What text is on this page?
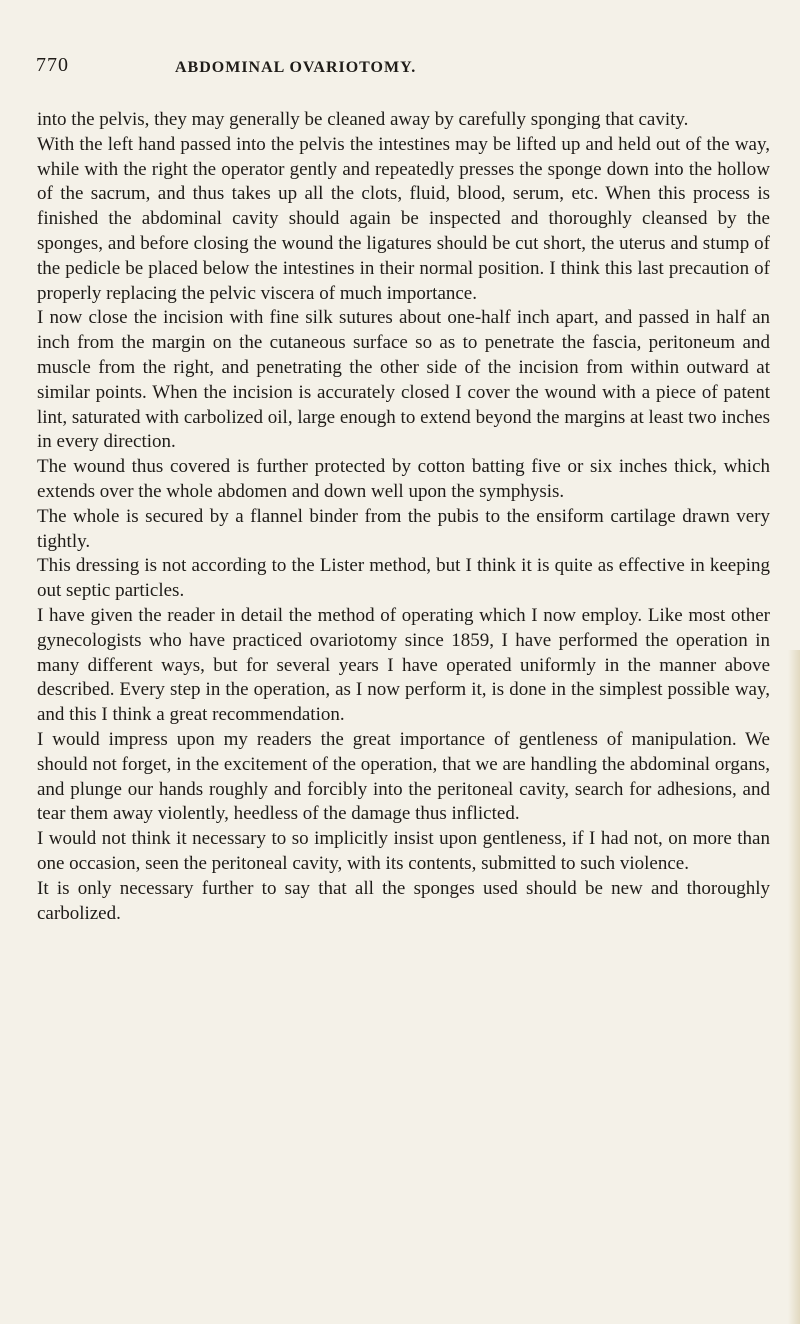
770	ABDOMINAL OVARIOTOMY.

into the pelvis, they may generally be cleaned away by carefully sponging that cavity.

With the left hand passed into the pelvis the intestines may be lifted up and held out of the way, while with the right the operator gently and repeatedly presses the sponge down into the hollow of the sacrum, and thus takes up all the clots, fluid, blood, serum, etc. When this process is finished the abdominal cavity should again be inspected and thoroughly cleansed by the sponges, and before closing the wound the ligatures should be cut short, the uterus and stump of the pedicle be placed below the intestines in their normal position. I think this last precaution of properly replacing the pelvic viscera of much importance.

I now close the incision with fine silk sutures about one-half inch apart, and passed in half an inch from the margin on the cutaneous surface so as to penetrate the fascia, peritoneum and muscle from the right, and penetrating the other side of the incision from within outward at similar points. When the incision is accurately closed I cover the wound with a piece of patent lint, saturated with carbolized oil, large enough to extend beyond the margins at least two inches in every direction.

The wound thus covered is further protected by cotton batting five or six inches thick, which extends over the whole abdomen and down well upon the symphysis.

The whole is secured by a flannel binder from the pubis to the ensiform cartilage drawn very tightly.

This dressing is not according to the Lister method, but I think it is quite as effective in keeping out septic particles.

I have given the reader in detail the method of operating which I now employ. Like most other gynecologists who have practiced ovariotomy since 1859, I have performed the operation in many different ways, but for several years I have operated uniformly in the manner above described. Every step in the operation, as I now perform it, is done in the simplest possible way, and this I think a great recommendation.

I would impress upon my readers the great importance of gentleness of manipulation. We should not forget, in the excitement of the operation, that we are handling the abdominal organs, and plunge our hands roughly and forcibly into the peritoneal cavity, search for adhesions, and tear them away violently, heedless of the damage thus inflicted.

I would not think it necessary to so implicitly insist upon gentleness, if I had not, on more than one occasion, seen the peritoneal cavity, with its contents, submitted to such violence.

It is only necessary further to say that all the sponges used should be new and thoroughly carbolized.
